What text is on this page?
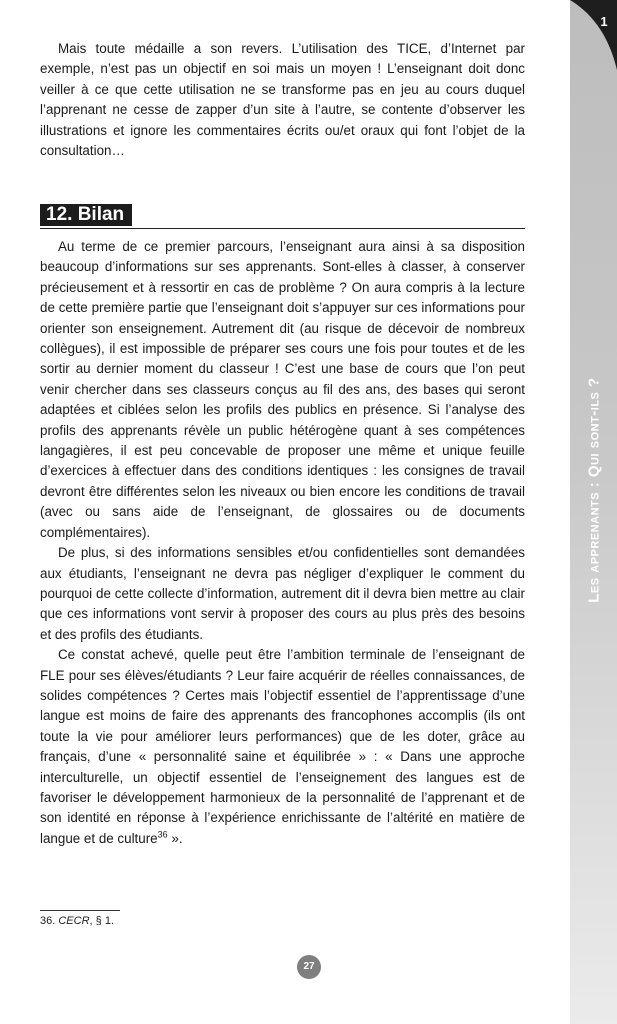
1
Les apprenants : Qui sont-ils ?

Mais toute médaille a son revers. L’utilisation des TICE, d’Internet par exemple, n’est pas un objectif en soi mais un moyen ! L’enseignant doit donc veiller à ce que cette utilisation ne se transforme pas en jeu au cours duquel l’apprenant ne cesse de zapper d’un site à l’autre, se contente d’observer les illustrations et ignore les commentaires écrits ou/et oraux qui font l’objet de la consultation…

12. Bilan

Au terme de ce premier parcours, l’enseignant aura ainsi à sa disposition beaucoup d’informations sur ses apprenants. Sont-elles à classer, à conserver précieusement et à ressortir en cas de problème ? On aura compris à la lecture de cette première partie que l’enseignant doit s’appuyer sur ces informations pour orienter son enseignement. Autrement dit (au risque de décevoir de nombreux collègues), il est impossible de préparer ses cours une fois pour toutes et de les sortir au dernier moment du classeur ! C’est une base de cours que l’on peut venir chercher dans ses classeurs conçus au fil des ans, des bases qui seront adaptées et ciblées selon les profils des publics en présence. Si l’analyse des profils des apprenants révèle un public hétérogène quant à ses compétences langagières, il est peu concevable de proposer une même et unique feuille d’exercices à effectuer dans des conditions identiques : les consignes de travail devront être différentes selon les niveaux ou bien encore les conditions de travail (avec ou sans aide de l’enseignant, de glossaires ou de documents complémentaires).

De plus, si des informations sensibles et/ou confidentielles sont demandées aux étudiants, l’enseignant ne devra pas négliger d’expliquer le comment du pourquoi de cette collecte d’information, autrement dit il devra bien mettre au clair que ces informations vont servir à proposer des cours au plus près des besoins et des profils des étudiants.

Ce constat achevé, quelle peut être l’ambition terminale de l’enseignant de FLE pour ses élèves/étudiants ? Leur faire acquérir de réelles connaissances, de solides compétences ? Certes mais l’objectif essentiel de l’apprentissage d’une langue est moins de faire des apprenants des francophones accomplis (ils ont toute la vie pour améliorer leurs performances) que de les doter, grâce au français, d’une « personnalité saine et équilibrée » : « Dans une approche interculturelle, un objectif essentiel de l’enseignement des langues est de favoriser le développement harmonieux de la personnalité de l’apprenant et de son identité en réponse à l’expérience enrichissante de l’altérité en matière de langue et de culture$^{36}$ ».

36. CECR, § 1.
27
